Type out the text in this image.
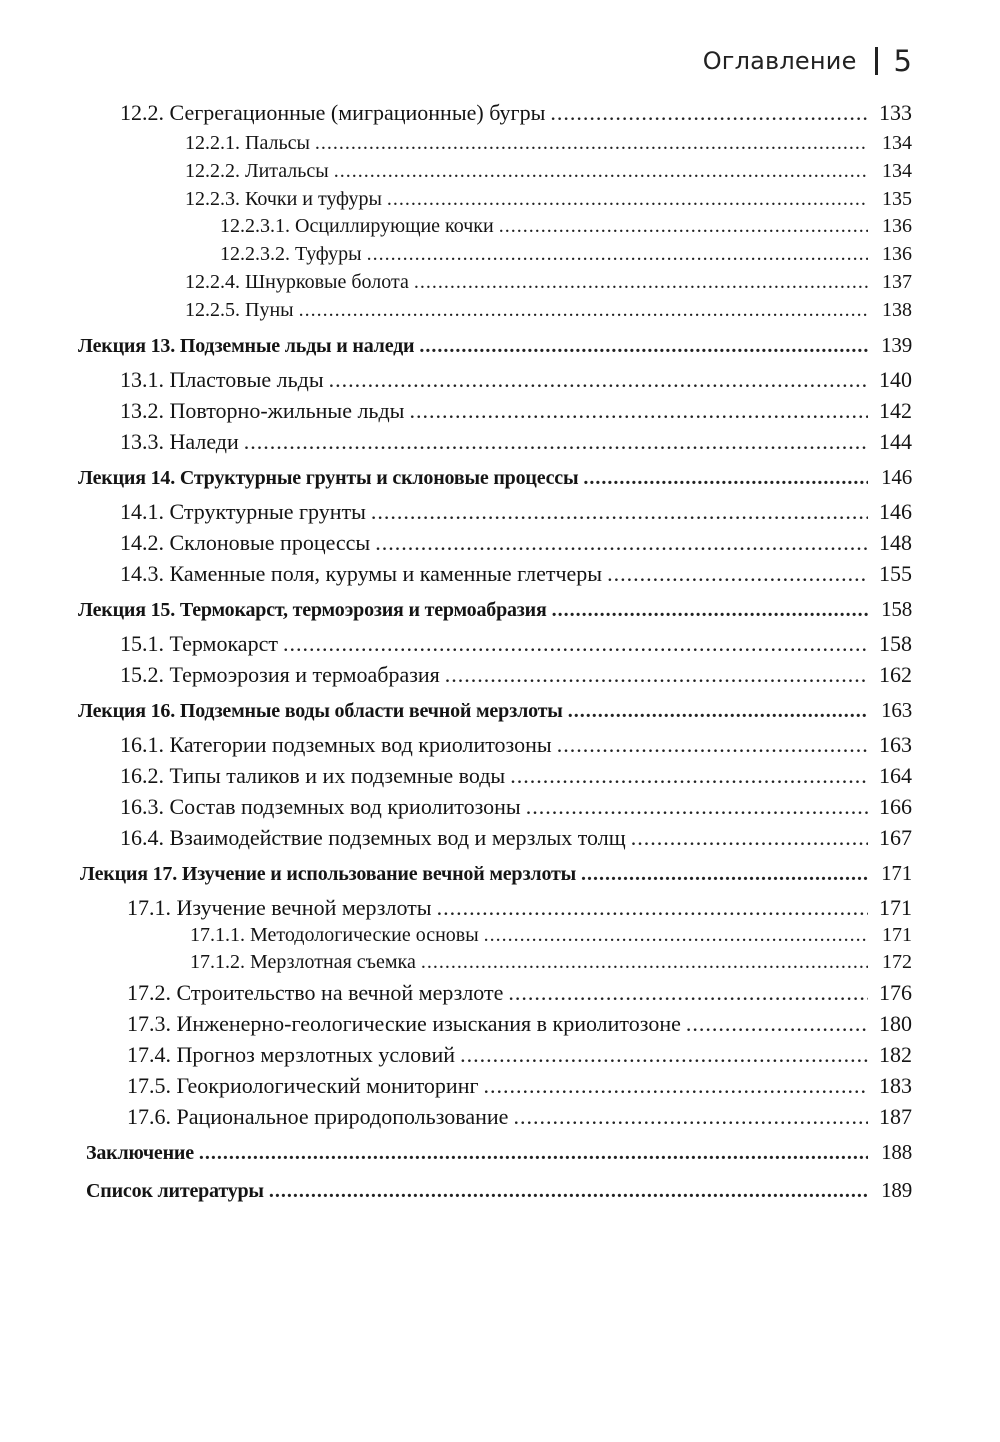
Оглавление 5
12.2. Сегрегационные (миграционные) бугры .....	133
12.2.1. Пальсы .....	134
12.2.2. Литальсы .....	134
12.2.3. Кочки и туфуры .....	135
12.2.3.1. Осциллирующие кочки .....	136
12.2.3.2. Туфуры .....	136
12.2.4. Шнурковые болота .....	137
12.2.5. Пуны .....	138
Лекция 13. Подземные льды и наледи .....	139
13.1. Пластовые льды .....	140
13.2. Повторно-жильные льды .....	142
13.3. Наледи .....	144
Лекция 14. Структурные грунты и склоновые процессы .....	146
14.1. Структурные грунты .....	146
14.2. Склоновые процессы .....	148
14.3. Каменные поля, курумы и каменные глетчеры .....	155
Лекция 15. Термокарст, термоэрозия и термоабразия .....	158
15.1. Термокарст .....	158
15.2. Термоэрозия и термоабразия .....	162
Лекция 16. Подземные воды области вечной мерзлоты .....	163
16.1. Категории подземных вод криолитозоны .....	163
16.2. Типы таликов и их подземные воды .....	164
16.3. Состав подземных вод криолитозоны .....	166
16.4. Взаимодействие подземных вод и мерзлых толщ .....	167
Лекция 17. Изучение и использование вечной мерзлоты .....	171
17.1. Изучение вечной мерзлоты .....	171
17.1.1. Методологические основы .....	171
17.1.2. Мерзлотная съемка .....	172
17.2. Строительство на вечной мерзлоте .....	176
17.3. Инженерно-геологические изыскания в криолитозоне .....	180
17.4. Прогноз мерзлотных условий .....	182
17.5. Геокриологический мониторинг .....	183
17.6. Рациональное природопользование .....	187
Заключение .....	188
Список литературы .....	189
